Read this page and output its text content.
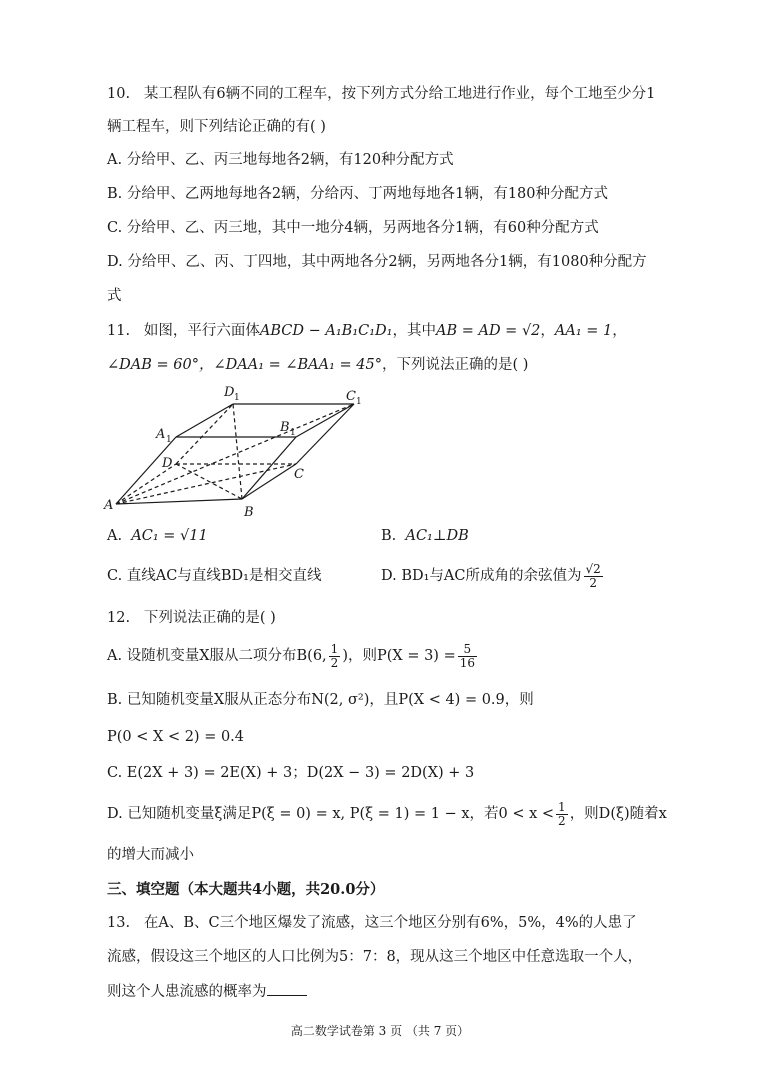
10. 某工程队有6辆不同的工程车，按下列方式分给工地进行作业，每个工地至少分1
辆工程车，则下列结论正确的有( )
A. 分给甲、乙、丙三地每地各2辆，有120种分配方式
B. 分给甲、乙两地每地各2辆，分给丙、丁两地每地各1辆，有180种分配方式
C. 分给甲、乙、丙三地，其中一地分4辆，另两地各分1辆，有60种分配方式
D. 分给甲、乙、丙、丁四地，其中两地各分2辆，另两地各分1辆，有1080种分配方
式
11. 如图，平行六面体ABCD − A₁B₁C₁D₁，其中AB = AD = √2，AA₁ = 1，
∠DAB = 60°，∠DAA₁ = ∠BAA₁ = 45°，下列说法正确的是( )
A	B
C
D
A 1
B 1
D 1	C 1
A. AC₁ = √11	B. AC₁⊥DB
C. 直线AC与直线BD₁是相交直线	D. BD₁与AC所成角的余弦值为 $\frac{√2}{2}$
12. 下列说法正确的是( )
A. 设随机变量X服从二项分布B(6, $\frac{1}{2}$ )，则$P(X = 3) = \frac{5}{16}$
B. 已知随机变量X服从正态分布N(2, σ²)，且P(X < 4) = 0.9，则
P(0 < X < 2) = 0.4
C. E(2X + 3) = 2E(X) + 3；D(2X − 3) = 2D(X) + 3
D. 已知随机变量ξ满足P(ξ = 0) = x, P(ξ = 1) = 1 − x，若$0 < x < \frac{1}{2}$ ，则D(ξ)随着x
的增大而减小
三、填空题（本大题共4小题，共20.0分）
13. 在A、B、C三个地区爆发了流感，这三个地区分别有6%，5%，4%的人患了
流感，假设这三个地区的人口比例为5：7：8，现从这三个地区中任意选取一个人，
则这个人患流感的概率为
高二数学试卷第 3 页 （共 7 页）
